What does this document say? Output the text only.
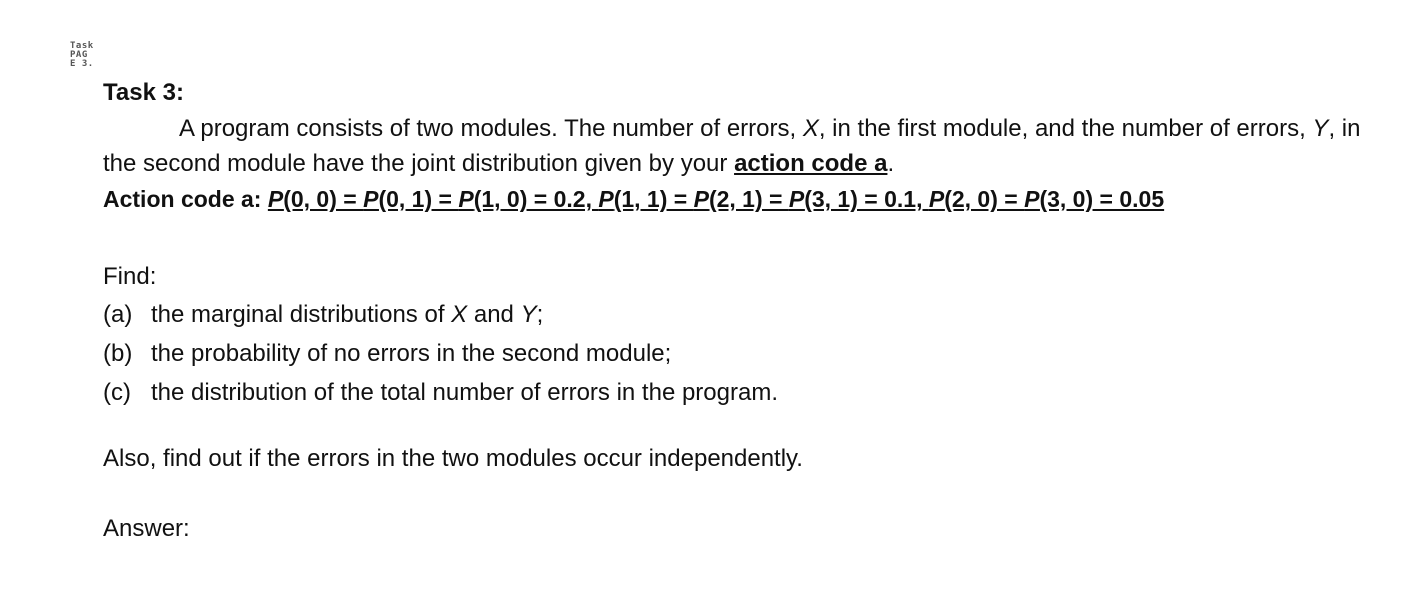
Task
PAG
E 3.
Task 3:
A program consists of two modules. The number of errors, X, in the first module, and the number of errors, Y, in the second module have the joint distribution given by your action code a.
Action code a: P(0, 0) = P(0, 1) = P(1, 0) = 0.2, P(1, 1) = P(2, 1) = P(3, 1) = 0.1, P(2, 0) = P(3, 0) = 0.05
Find:
(a) the marginal distributions of X and Y;
(b) the probability of no errors in the second module;
(c) the distribution of the total number of errors in the program.
Also, find out if the errors in the two modules occur independently.
Answer:
